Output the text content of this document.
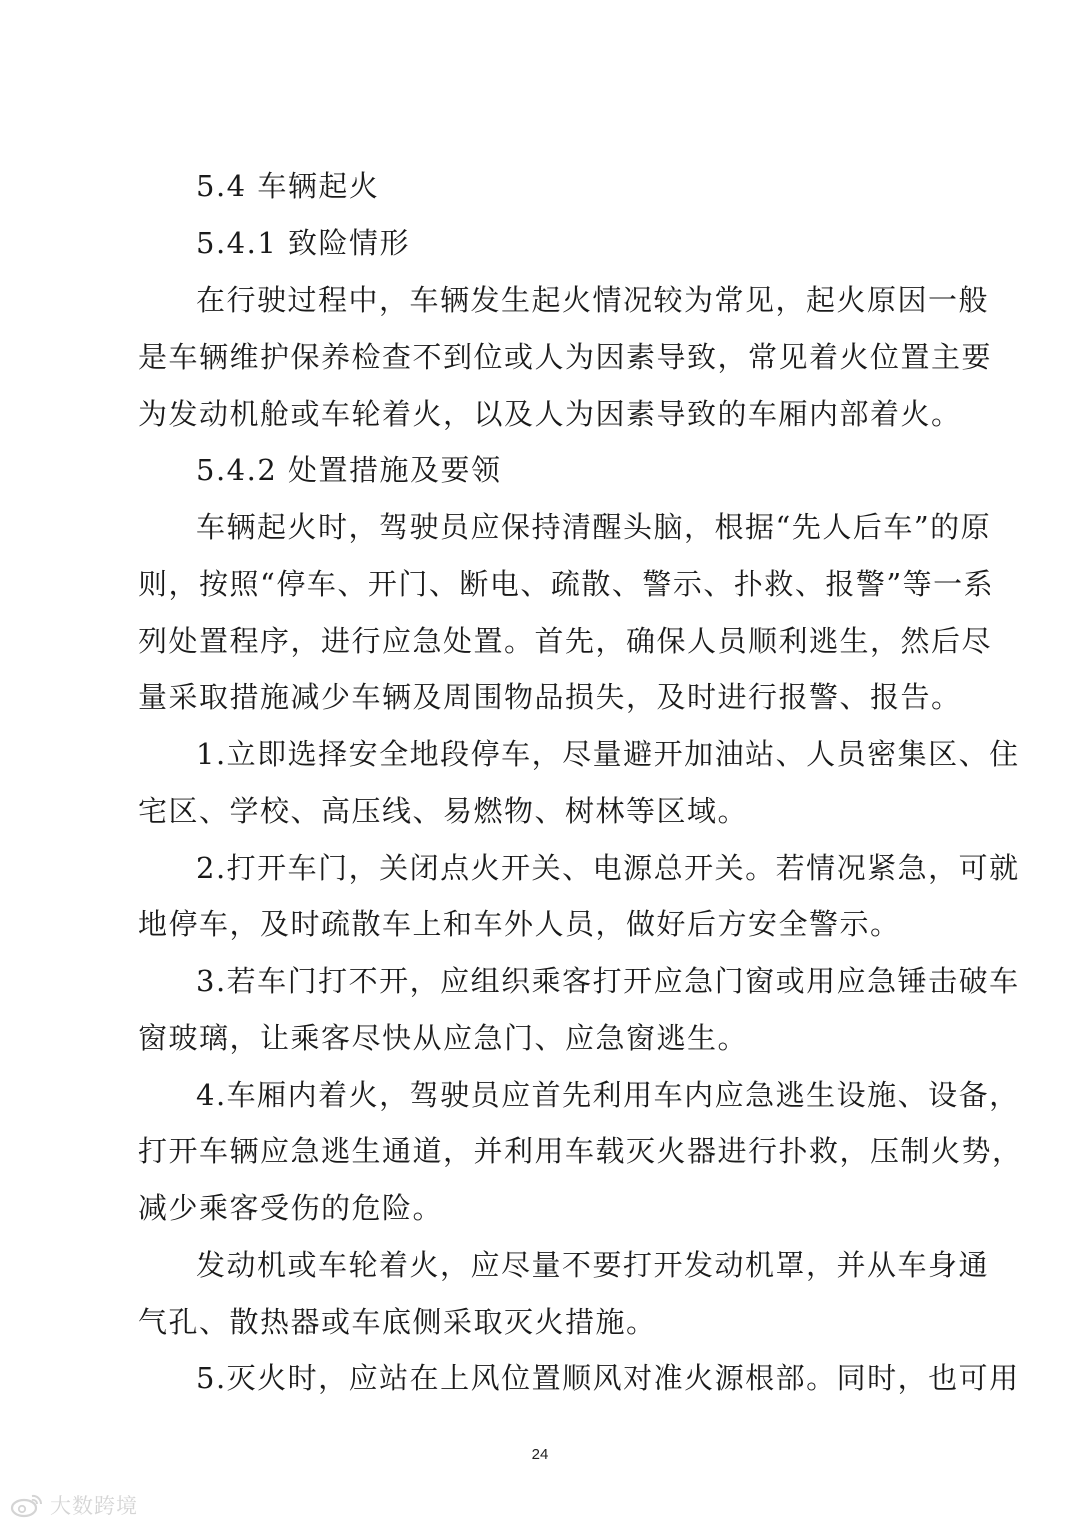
5.4 车辆起火
5.4.1 致险情形
在行驶过程中，车辆发生起火情况较为常见，起火原因一般
是车辆维护保养检查不到位或人为因素导致，常见着火位置主要
为发动机舱或车轮着火，以及人为因素导致的车厢内部着火。
5.4.2 处置措施及要领
车辆起火时，驾驶员应保持清醒头脑，根据“先人后车”的原
则，按照“停车、开门、断电、疏散、警示、扑救、报警”等一系
列处置程序，进行应急处置。首先，确保人员顺利逃生，然后尽
量采取措施减少车辆及周围物品损失，及时进行报警、报告。
1.立即选择安全地段停车，尽量避开加油站、人员密集区、住
宅区、学校、高压线、易燃物、树林等区域。
2.打开车门，关闭点火开关、电源总开关。若情况紧急，可就
地停车，及时疏散车上和车外人员，做好后方安全警示。
3.若车门打不开，应组织乘客打开应急门窗或用应急锤击破车
窗玻璃，让乘客尽快从应急门、应急窗逃生。
4.车厢内着火，驾驶员应首先利用车内应急逃生设施、设备，
打开车辆应急逃生通道，并利用车载灭火器进行扑救，压制火势，
减少乘客受伤的危险。
发动机或车轮着火，应尽量不要打开发动机罩，并从车身通
气孔、散热器或车底侧采取灭火措施。
5.灭火时，应站在上风位置顺风对准火源根部。同时，也可用
24
大数跨境
